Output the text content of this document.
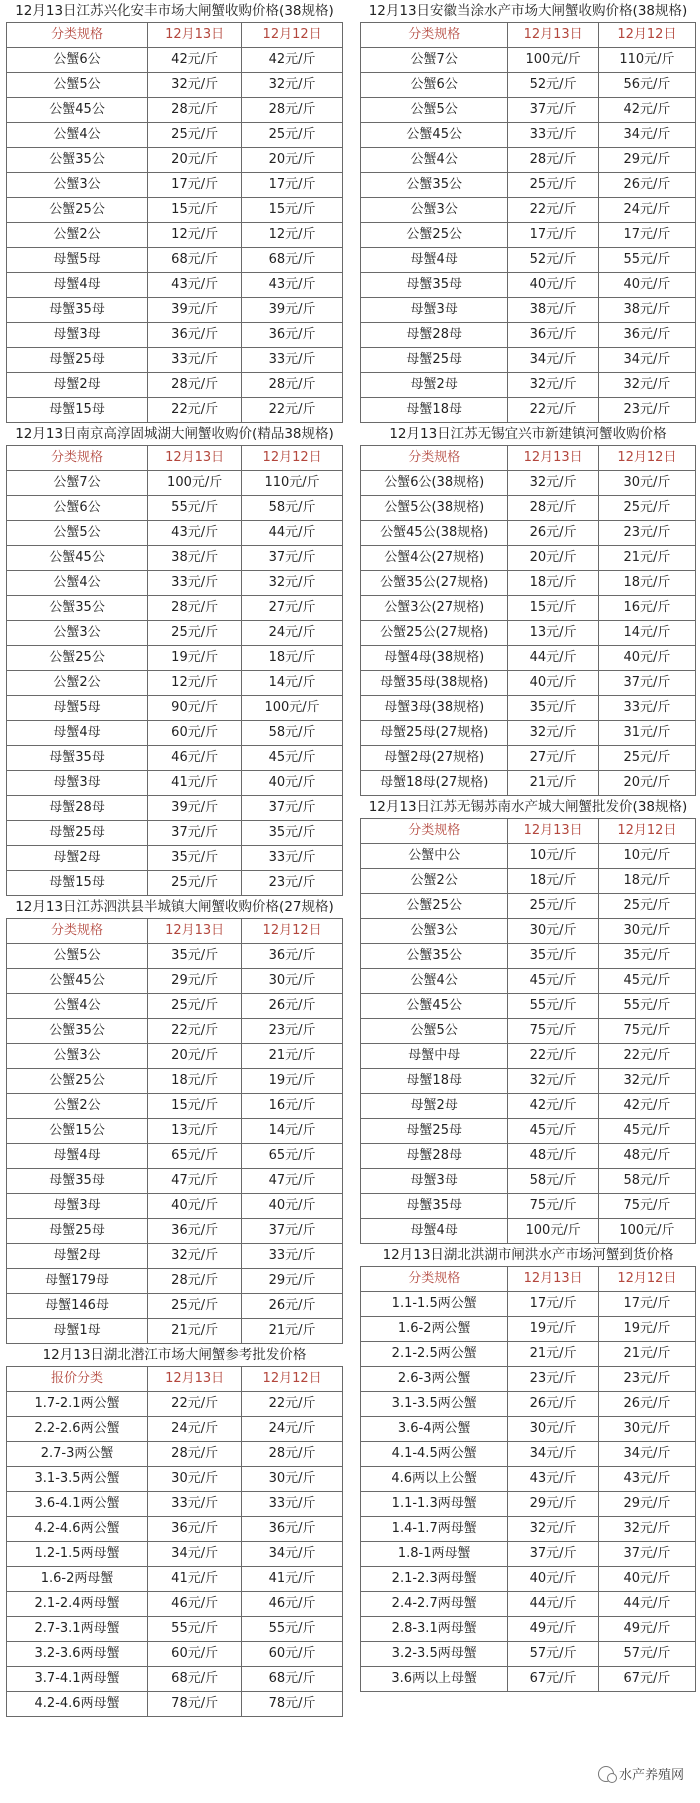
12月13日江苏兴化安丰市场大闸蟹收购价格(38规格)
分类规格	12月13日	12月12日
公蟹6公	42元/斤	42元/斤
公蟹5公	32元/斤	32元/斤
公蟹45公	28元/斤	28元/斤
公蟹4公	25元/斤	25元/斤
公蟹35公	20元/斤	20元/斤
公蟹3公	17元/斤	17元/斤
公蟹25公	15元/斤	15元/斤
公蟹2公	12元/斤	12元/斤
母蟹5母	68元/斤	68元/斤
母蟹4母	43元/斤	43元/斤
母蟹35母	39元/斤	39元/斤
母蟹3母	36元/斤	36元/斤
母蟹25母	33元/斤	33元/斤
母蟹2母	28元/斤	28元/斤
母蟹15母	22元/斤	22元/斤
12月13日南京高淳固城湖大闸蟹收购价(精品38规格)
分类规格	12月13日	12月12日
公蟹7公	100元/斤	110元/斤
公蟹6公	55元/斤	58元/斤
公蟹5公	43元/斤	44元/斤
公蟹45公	38元/斤	37元/斤
公蟹4公	33元/斤	32元/斤
公蟹35公	28元/斤	27元/斤
公蟹3公	25元/斤	24元/斤
公蟹25公	19元/斤	18元/斤
公蟹2公	12元/斤	14元/斤
母蟹5母	90元/斤	100元/斤
母蟹4母	60元/斤	58元/斤
母蟹35母	46元/斤	45元/斤
母蟹3母	41元/斤	40元/斤
母蟹28母	39元/斤	37元/斤
母蟹25母	37元/斤	35元/斤
母蟹2母	35元/斤	33元/斤
母蟹15母	25元/斤	23元/斤
12月13日江苏泗洪县半城镇大闸蟹收购价格(27规格)
分类规格	12月13日	12月12日
公蟹5公	35元/斤	36元/斤
公蟹45公	29元/斤	30元/斤
公蟹4公	25元/斤	26元/斤
公蟹35公	22元/斤	23元/斤
公蟹3公	20元/斤	21元/斤
公蟹25公	18元/斤	19元/斤
公蟹2公	15元/斤	16元/斤
公蟹15公	13元/斤	14元/斤
母蟹4母	65元/斤	65元/斤
母蟹35母	47元/斤	47元/斤
母蟹3母	40元/斤	40元/斤
母蟹25母	36元/斤	37元/斤
母蟹2母	32元/斤	33元/斤
母蟹179母	28元/斤	29元/斤
母蟹146母	25元/斤	26元/斤
母蟹1母	21元/斤	21元/斤
12月13日湖北潜江市场大闸蟹参考批发价格
报价分类	12月13日	12月12日
1.7-2.1两公蟹	22元/斤	22元/斤
2.2-2.6两公蟹	24元/斤	24元/斤
2.7-3两公蟹	28元/斤	28元/斤
3.1-3.5两公蟹	30元/斤	30元/斤
3.6-4.1两公蟹	33元/斤	33元/斤
4.2-4.6两公蟹	36元/斤	36元/斤
1.2-1.5两母蟹	34元/斤	34元/斤
1.6-2两母蟹	41元/斤	41元/斤
2.1-2.4两母蟹	46元/斤	46元/斤
2.7-3.1两母蟹	55元/斤	55元/斤
3.2-3.6两母蟹	60元/斤	60元/斤
3.7-4.1两母蟹	68元/斤	68元/斤
4.2-4.6两母蟹	78元/斤	78元/斤
12月13日安徽当涂水产市场大闸蟹收购价格(38规格)
分类规格	12月13日	12月12日
公蟹7公	100元/斤	110元/斤
公蟹6公	52元/斤	56元/斤
公蟹5公	37元/斤	42元/斤
公蟹45公	33元/斤	34元/斤
公蟹4公	28元/斤	29元/斤
公蟹35公	25元/斤	26元/斤
公蟹3公	22元/斤	24元/斤
公蟹25公	17元/斤	17元/斤
母蟹4母	52元/斤	55元/斤
母蟹35母	40元/斤	40元/斤
母蟹3母	38元/斤	38元/斤
母蟹28母	36元/斤	36元/斤
母蟹25母	34元/斤	34元/斤
母蟹2母	32元/斤	32元/斤
母蟹18母	22元/斤	23元/斤
12月13日江苏无锡宜兴市新建镇河蟹收购价格
分类规格	12月13日	12月12日
公蟹6公(38规格)	32元/斤	30元/斤
公蟹5公(38规格)	28元/斤	25元/斤
公蟹45公(38规格)	26元/斤	23元/斤
公蟹4公(27规格)	20元/斤	21元/斤
公蟹35公(27规格)	18元/斤	18元/斤
公蟹3公(27规格)	15元/斤	16元/斤
公蟹25公(27规格)	13元/斤	14元/斤
母蟹4母(38规格)	44元/斤	40元/斤
母蟹35母(38规格)	40元/斤	37元/斤
母蟹3母(38规格)	35元/斤	33元/斤
母蟹25母(27规格)	32元/斤	31元/斤
母蟹2母(27规格)	27元/斤	25元/斤
母蟹18母(27规格)	21元/斤	20元/斤
12月13日江苏无锡苏南水产城大闸蟹批发价(38规格)
分类规格	12月13日	12月12日
公蟹中公	10元/斤	10元/斤
公蟹2公	18元/斤	18元/斤
公蟹25公	25元/斤	25元/斤
公蟹3公	30元/斤	30元/斤
公蟹35公	35元/斤	35元/斤
公蟹4公	45元/斤	45元/斤
公蟹45公	55元/斤	55元/斤
公蟹5公	75元/斤	75元/斤
母蟹中母	22元/斤	22元/斤
母蟹18母	32元/斤	32元/斤
母蟹2母	42元/斤	42元/斤
母蟹25母	45元/斤	45元/斤
母蟹28母	48元/斤	48元/斤
母蟹3母	58元/斤	58元/斤
母蟹35母	75元/斤	75元/斤
母蟹4母	100元/斤	100元/斤
12月13日湖北洪湖市闸洪水产市场河蟹到货价格
分类规格	12月13日	12月12日
1.1-1.5两公蟹	17元/斤	17元/斤
1.6-2两公蟹	19元/斤	19元/斤
2.1-2.5两公蟹	21元/斤	21元/斤
2.6-3两公蟹	23元/斤	23元/斤
3.1-3.5两公蟹	26元/斤	26元/斤
3.6-4两公蟹	30元/斤	30元/斤
4.1-4.5两公蟹	34元/斤	34元/斤
4.6两以上公蟹	43元/斤	43元/斤
1.1-1.3两母蟹	29元/斤	29元/斤
1.4-1.7两母蟹	32元/斤	32元/斤
1.8-1两母蟹	37元/斤	37元/斤
2.1-2.3两母蟹	40元/斤	40元/斤
2.4-2.7两母蟹	44元/斤	44元/斤
2.8-3.1两母蟹	49元/斤	49元/斤
3.2-3.5两母蟹	57元/斤	57元/斤
3.6两以上母蟹	67元/斤	67元/斤
水产养殖网
